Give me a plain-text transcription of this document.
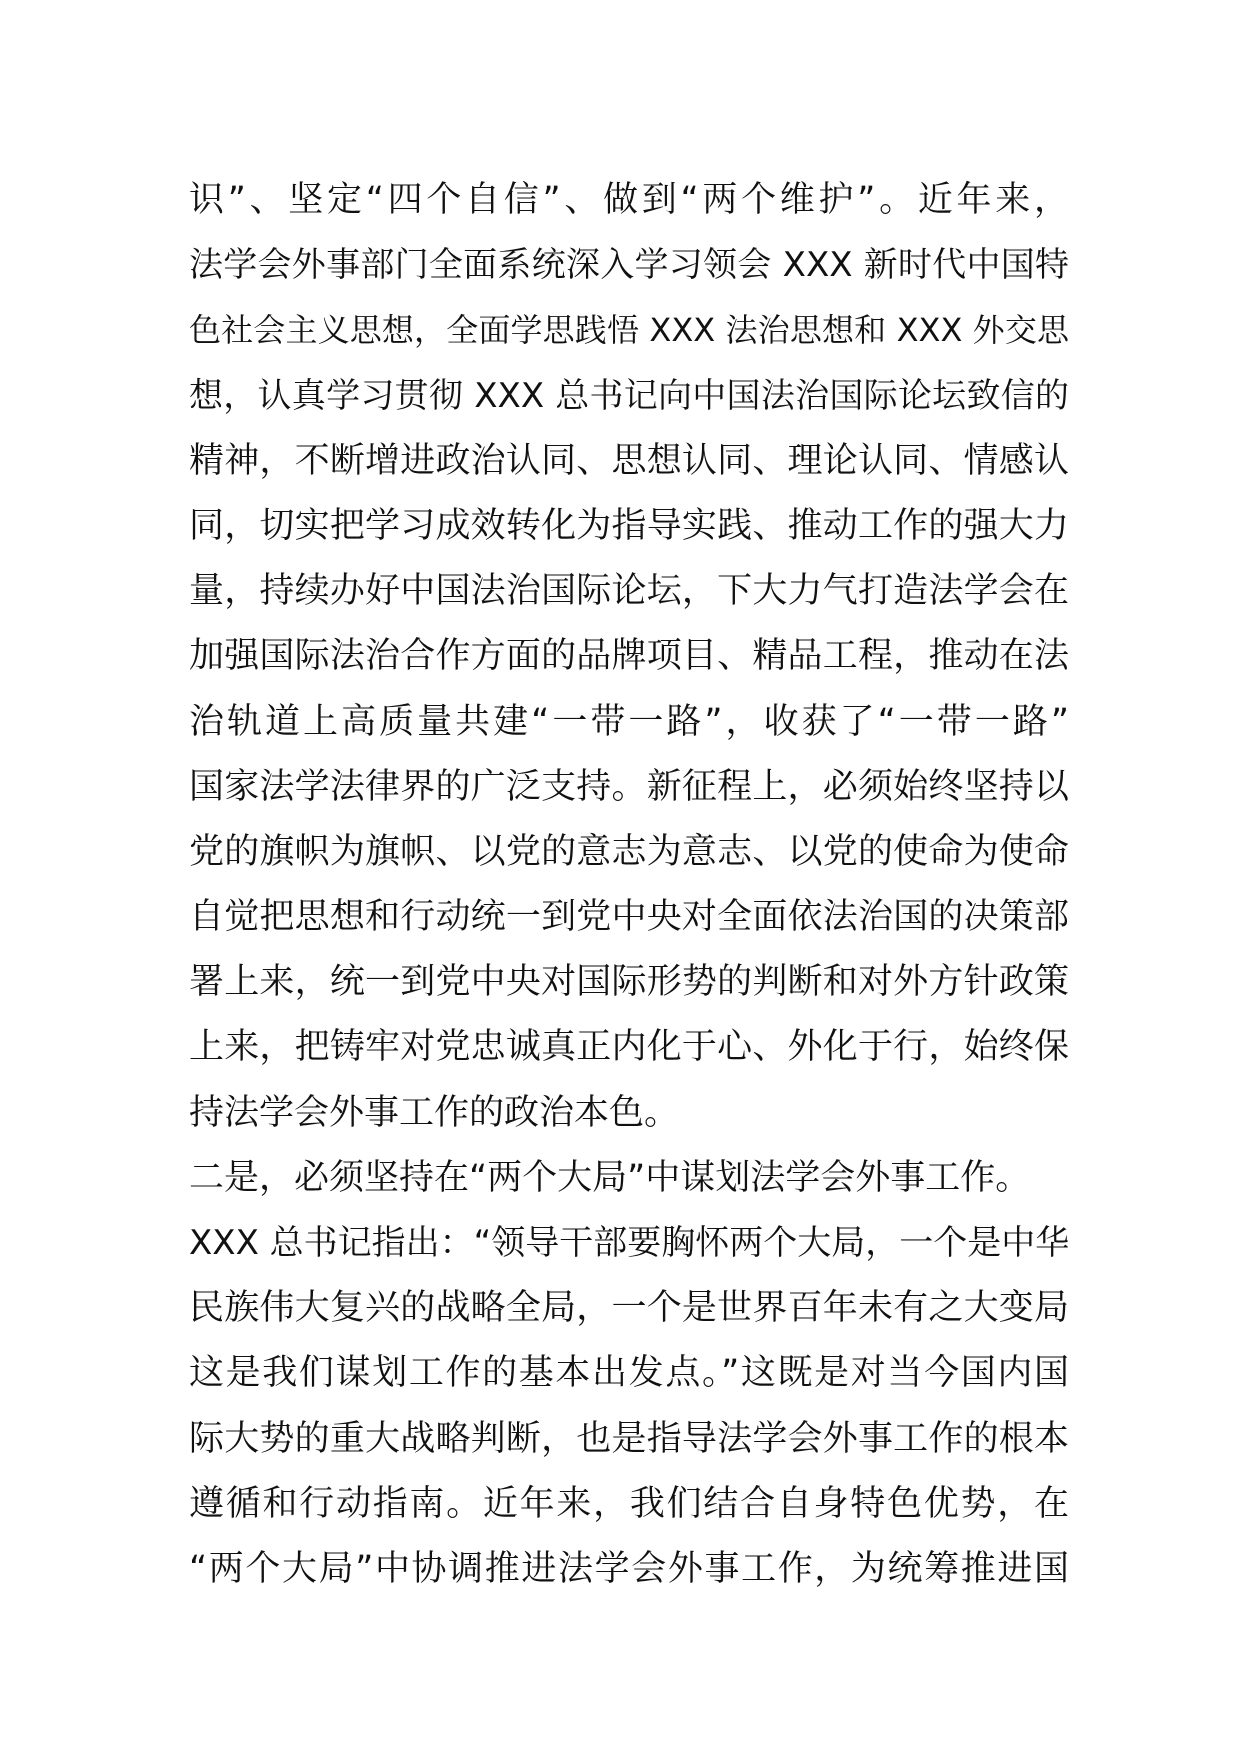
识”、坚定“四个自信”、做到“两个维护”。近年来，
法学会外事部门全面系统深入学习领会 XXX 新时代中国特
色社会主义思想，全面学思践悟 XXX 法治思想和 XXX 外交思
想，认真学习贯彻 XXX 总书记向中国法治国际论坛致信的
精神，不断增进政治认同、思想认同、理论认同、情感认
同，切实把学习成效转化为指导实践、推动工作的强大力
量，持续办好中国法治国际论坛，下大力气打造法学会在
加强国际法治合作方面的品牌项目、精品工程，推动在法
治轨道上高质量共建“一带一路”，收获了“一带一路”
国家法学法律界的广泛支持。新征程上，必须始终坚持以
党的旗帜为旗帜、以党的意志为意志、以党的使命为使命
自觉把思想和行动统一到党中央对全面依法治国的决策部
署上来，统一到党中央对国际形势的判断和对外方针政策
上来，把铸牢对党忠诚真正内化于心、外化于行，始终保
持法学会外事工作的政治本色。
二是，必须坚持在“两个大局”中谋划法学会外事工作。
XXX 总书记指出：“领导干部要胸怀两个大局，一个是中华
民族伟大复兴的战略全局，一个是世界百年未有之大变局
这是我们谋划工作的基本出发点。”这既是对当今国内国
际大势的重大战略判断，也是指导法学会外事工作的根本
遵循和行动指南。近年来，我们结合自身特色优势，在
“两个大局”中协调推进法学会外事工作，为统筹推进国
